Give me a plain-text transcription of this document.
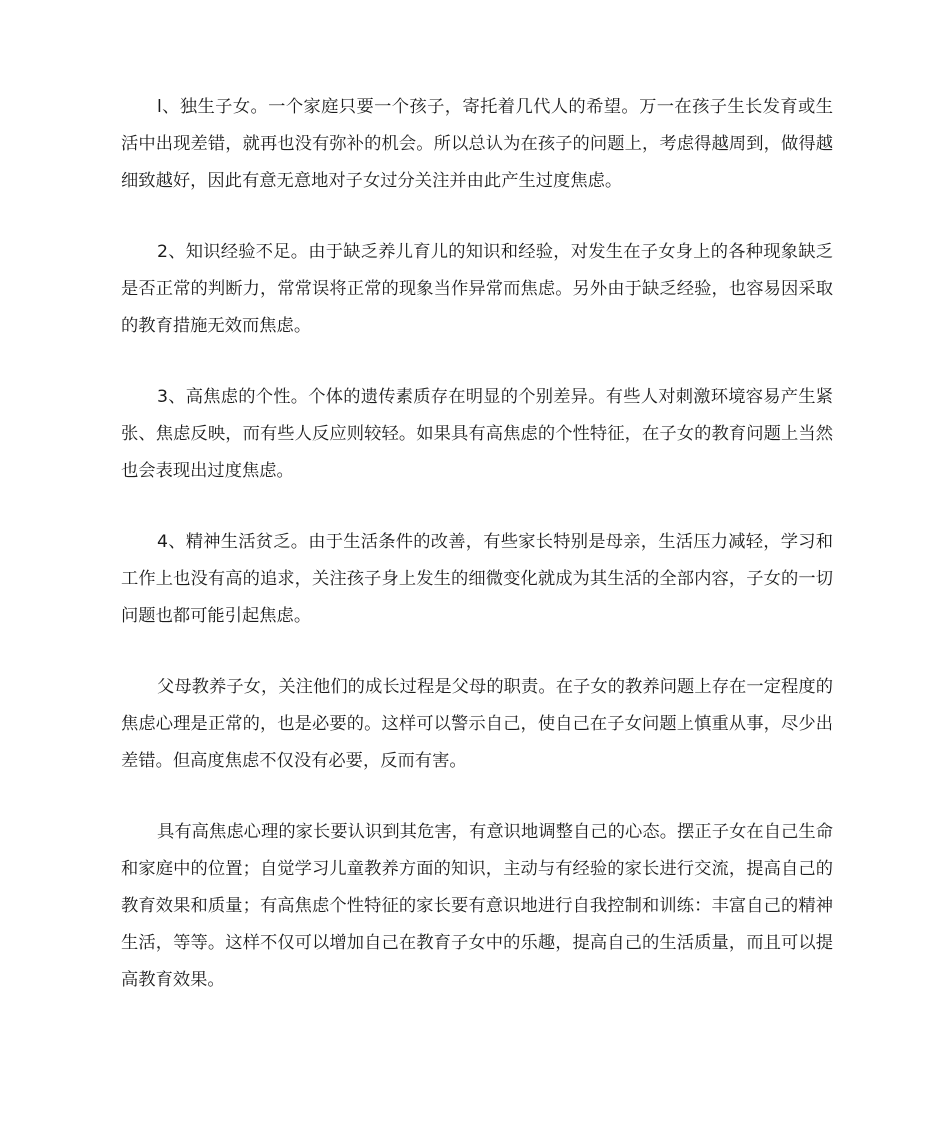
l、独生子女。一个家庭只要一个孩子，寄托着几代人的希望。万一在孩子生长发育或生活中出现差错，就再也没有弥补的机会。所以总认为在孩子的问题上，考虑得越周到，做得越细致越好，因此有意无意地对子女过分关注并由此产生过度焦虑。

2、知识经验不足。由于缺乏养儿育儿的知识和经验，对发生在子女身上的各种现象缺乏是否正常的判断力，常常误将正常的现象当作异常而焦虑。另外由于缺乏经验，也容易因采取的教育措施无效而焦虑。

3、高焦虑的个性。个体的遗传素质存在明显的个别差异。有些人对刺激环境容易产生紧张、焦虑反映，而有些人反应则较轻。如果具有高焦虑的个性特征，在子女的教育问题上当然也会表现出过度焦虑。

4、精神生活贫乏。由于生活条件的改善，有些家长特别是母亲，生活压力减轻，学习和工作上也没有高的追求，关注孩子身上发生的细微变化就成为其生活的全部内容，子女的一切问题也都可能引起焦虑。

父母教养子女，关注他们的成长过程是父母的职责。在子女的教养问题上存在一定程度的焦虑心理是正常的，也是必要的。这样可以警示自己，使自己在子女问题上慎重从事，尽少出差错。但高度焦虑不仅没有必要，反而有害。

具有高焦虑心理的家长要认识到其危害，有意识地调整自己的心态。摆正子女在自己生命和家庭中的位置；自觉学习儿童教养方面的知识，主动与有经验的家长进行交流，提高自己的教育效果和质量；有高焦虑个性特征的家长要有意识地进行自我控制和训练：丰富自己的精神生活，等等。这样不仅可以增加自己在教育子女中的乐趣，提高自己的生活质量，而且可以提高教育效果。
